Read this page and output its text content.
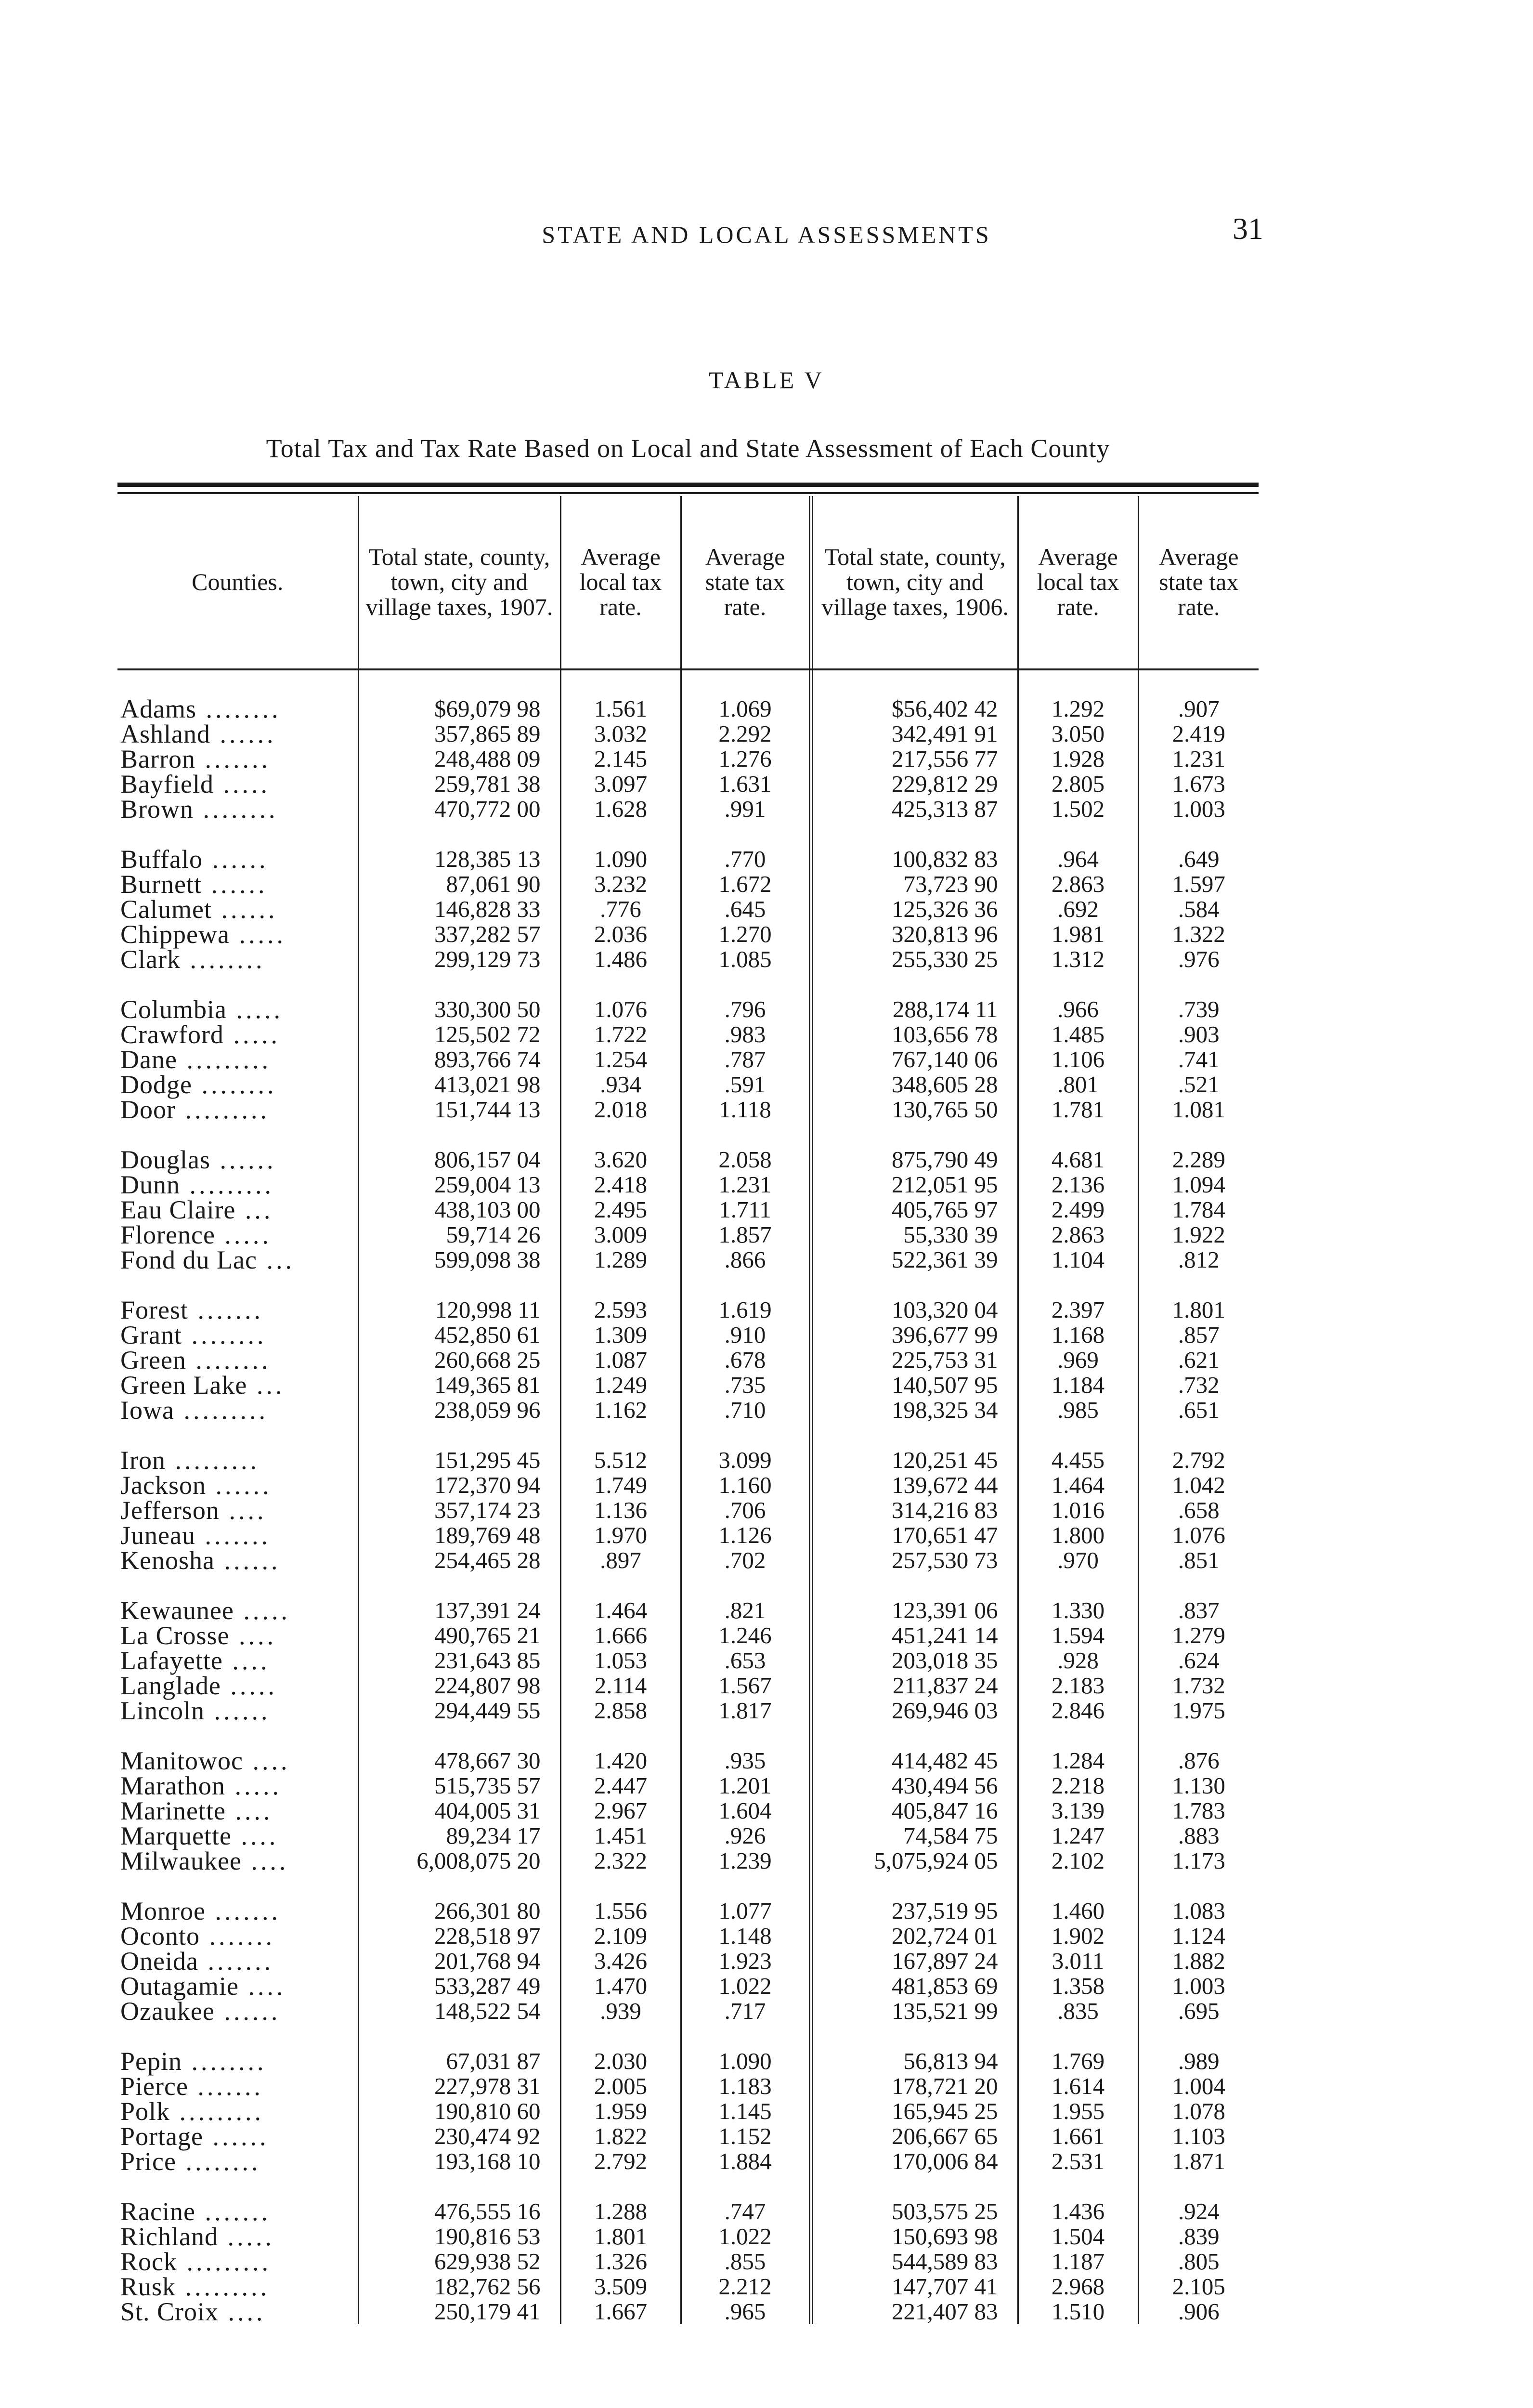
STATE AND LOCAL ASSESSMENTS	31
TABLE V
Total Tax and Tax Rate Based on Local and State Assessment of Each County
Counties.	Total state, county, town, city and village taxes, 1907.	Average local tax rate.	Average state tax rate.	Total state, county, town, city and village taxes, 1906.	Average local tax rate.	Average state tax rate.

Adams ........	$69,079 98	1.561	1.069	$56,402 42	1.292	.907
Ashland ......	357,865 89	3.032	2.292	342,491 91	3.050	2.419
Barron .......	248,488 09	2.145	1.276	217,556 77	1.928	1.231
Bayfield .....	259,781 38	3.097	1.631	229,812 29	2.805	1.673
Brown ........	470,772 00	1.628	.991	425,313 87	1.502	1.003

Buffalo ......	128,385 13	1.090	.770	100,832 83	.964	.649
Burnett ......	87,061 90	3.232	1.672	73,723 90	2.863	1.597
Calumet ......	146,828 33	.776	.645	125,326 36	.692	.584
Chippewa .....	337,282 57	2.036	1.270	320,813 96	1.981	1.322
Clark ........	299,129 73	1.486	1.085	255,330 25	1.312	.976

Columbia .....	330,300 50	1.076	.796	288,174 11	.966	.739
Crawford .....	125,502 72	1.722	.983	103,656 78	1.485	.903
Dane .........	893,766 74	1.254	.787	767,140 06	1.106	.741
Dodge ........	413,021 98	.934	.591	348,605 28	.801	.521
Door .........	151,744 13	2.018	1.118	130,765 50	1.781	1.081

Douglas ......	806,157 04	3.620	2.058	875,790 49	4.681	2.289
Dunn .........	259,004 13	2.418	1.231	212,051 95	2.136	1.094
Eau Claire ...	438,103 00	2.495	1.711	405,765 97	2.499	1.784
Florence .....	59,714 26	3.009	1.857	55,330 39	2.863	1.922
Fond du Lac ...	599,098 38	1.289	.866	522,361 39	1.104	.812

Forest .......	120,998 11	2.593	1.619	103,320 04	2.397	1.801
Grant ........	452,850 61	1.309	.910	396,677 99	1.168	.857
Green ........	260,668 25	1.087	.678	225,753 31	.969	.621
Green Lake ...	149,365 81	1.249	.735	140,507 95	1.184	.732
Iowa .........	238,059 96	1.162	.710	198,325 34	.985	.651

Iron .........	151,295 45	5.512	3.099	120,251 45	4.455	2.792
Jackson ......	172,370 94	1.749	1.160	139,672 44	1.464	1.042
Jefferson ....	357,174 23	1.136	.706	314,216 83	1.016	.658
Juneau .......	189,769 48	1.970	1.126	170,651 47	1.800	1.076
Kenosha ......	254,465 28	.897	.702	257,530 73	.970	.851

Kewaunee .....	137,391 24	1.464	.821	123,391 06	1.330	.837
La Crosse ....	490,765 21	1.666	1.246	451,241 14	1.594	1.279
Lafayette ....	231,643 85	1.053	.653	203,018 35	.928	.624
Langlade .....	224,807 98	2.114	1.567	211,837 24	2.183	1.732
Lincoln ......	294,449 55	2.858	1.817	269,946 03	2.846	1.975

Manitowoc ....	478,667 30	1.420	.935	414,482 45	1.284	.876
Marathon .....	515,735 57	2.447	1.201	430,494 56	2.218	1.130
Marinette ....	404,005 31	2.967	1.604	405,847 16	3.139	1.783
Marquette ....	89,234 17	1.451	.926	74,584 75	1.247	.883
Milwaukee ....	6,008,075 20	2.322	1.239	5,075,924 05	2.102	1.173

Monroe .......	266,301 80	1.556	1.077	237,519 95	1.460	1.083
Oconto .......	228,518 97	2.109	1.148	202,724 01	1.902	1.124
Oneida .......	201,768 94	3.426	1.923	167,897 24	3.011	1.882
Outagamie ....	533,287 49	1.470	1.022	481,853 69	1.358	1.003
Ozaukee ......	148,522 54	.939	.717	135,521 99	.835	.695

Pepin ........	67,031 87	2.030	1.090	56,813 94	1.769	.989
Pierce .......	227,978 31	2.005	1.183	178,721 20	1.614	1.004
Polk .........	190,810 60	1.959	1.145	165,945 25	1.955	1.078
Portage ......	230,474 92	1.822	1.152	206,667 65	1.661	1.103
Price ........	193,168 10	2.792	1.884	170,006 84	2.531	1.871

Racine .......	476,555 16	1.288	.747	503,575 25	1.436	.924
Richland .....	190,816 53	1.801	1.022	150,693 98	1.504	.839
Rock .........	629,938 52	1.326	.855	544,589 83	1.187	.805
Rusk .........	182,762 56	3.509	2.212	147,707 41	2.968	2.105
St. Croix ....	250,179 41	1.667	.965	221,407 83	1.510	.906
